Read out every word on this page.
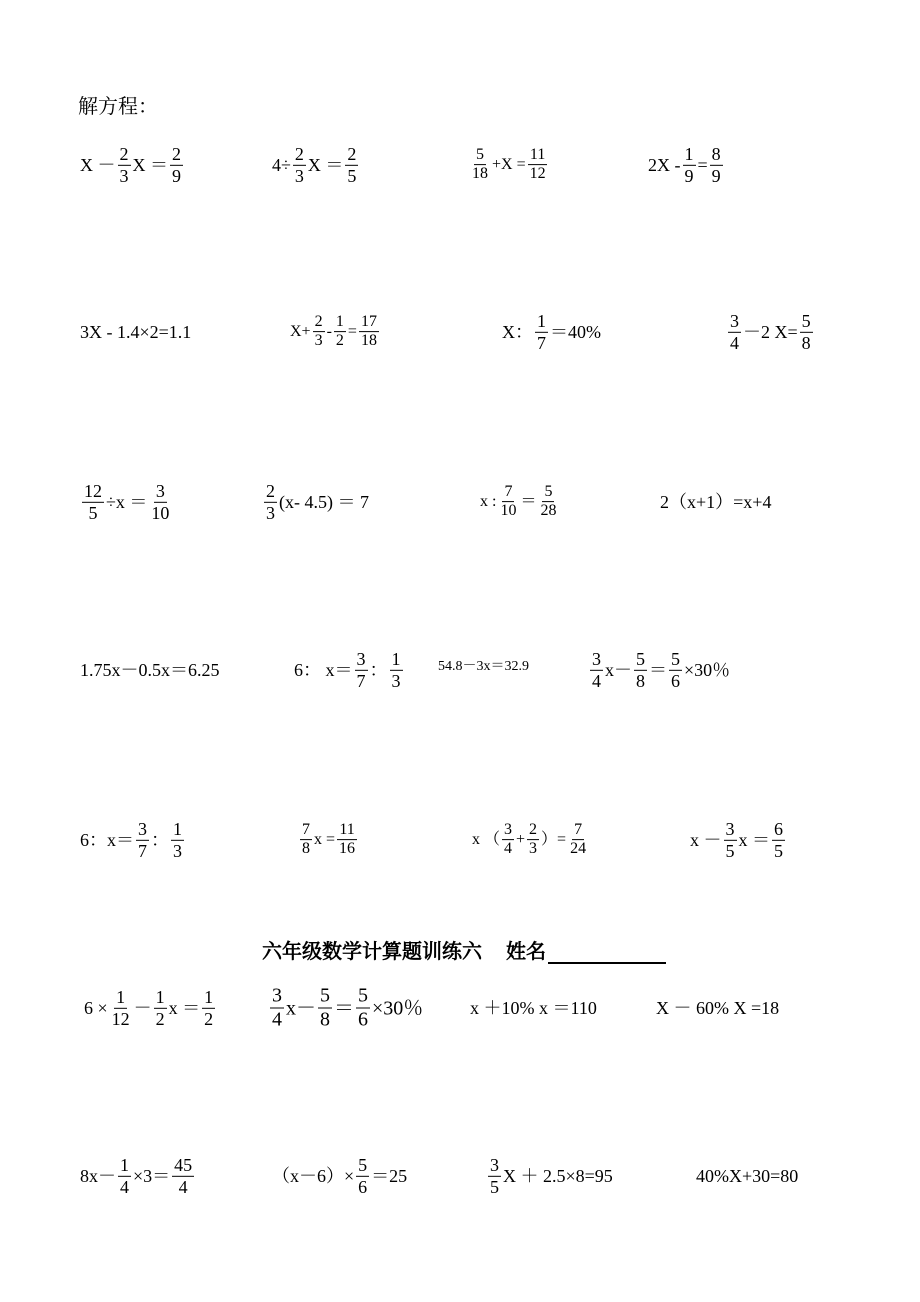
解方程：
$X - \frac{2}{3}$ $X = \frac{2}{9}$	$4\div \frac{2}{3}$ $X = \frac{2}{5}$	$\frac{5}{18} +X = \frac{11}{12}$	$2X - \frac{1}{9} = \frac{8}{9}$
3X - 1.4×2=1.1	$X+ \frac{2}{3} - \frac{1}{2} = \frac{17}{18}$	X： $\frac{1}{7} =40\%$	$\frac{3}{4} -2$ $X= \frac{5}{8}$
$\frac{12}{5} \div x = \frac{3}{10}$	$\frac{2}{3} (x-$ 4.5) ＝ 7	x : $\frac{7}{10} = \frac{5}{28}$	2（x+1）=x+4
1.75x－0.5x＝6.25	6： $x= \frac{3}{7}$ ： $\frac{1}{3}$	54.8－3x＝32.9	$\frac{3}{4} x- \frac{5}{8} = \frac{5}{6} \times 30$％
6：$x= \frac{3}{7}$ ： $\frac{1}{3}$	$\frac{7}{8}$ $x = \frac{11}{16}$	x （ $\frac{3}{4} + \frac{2}{3}$ ）= $\frac{7}{24}$	$x - \frac{3}{5}$ $x = \frac{6}{5}$
$6 \times \frac{1}{12} - \frac{1}{2}$ $x = \frac{1}{2}$	$\frac{3}{4} x- \frac{5}{8} = \frac{5}{6} \times 30$％	x ＋10% x ＝110	X － 60% X =18
$8x- \frac{1}{4} \times 3= \frac{45}{4}$	$(x-6)\times \frac{5}{6} =25$	$\frac{3}{5}$ X ＋ 2.5×8=95	40%X+30=80
六年级数学计算题训练六 姓名
